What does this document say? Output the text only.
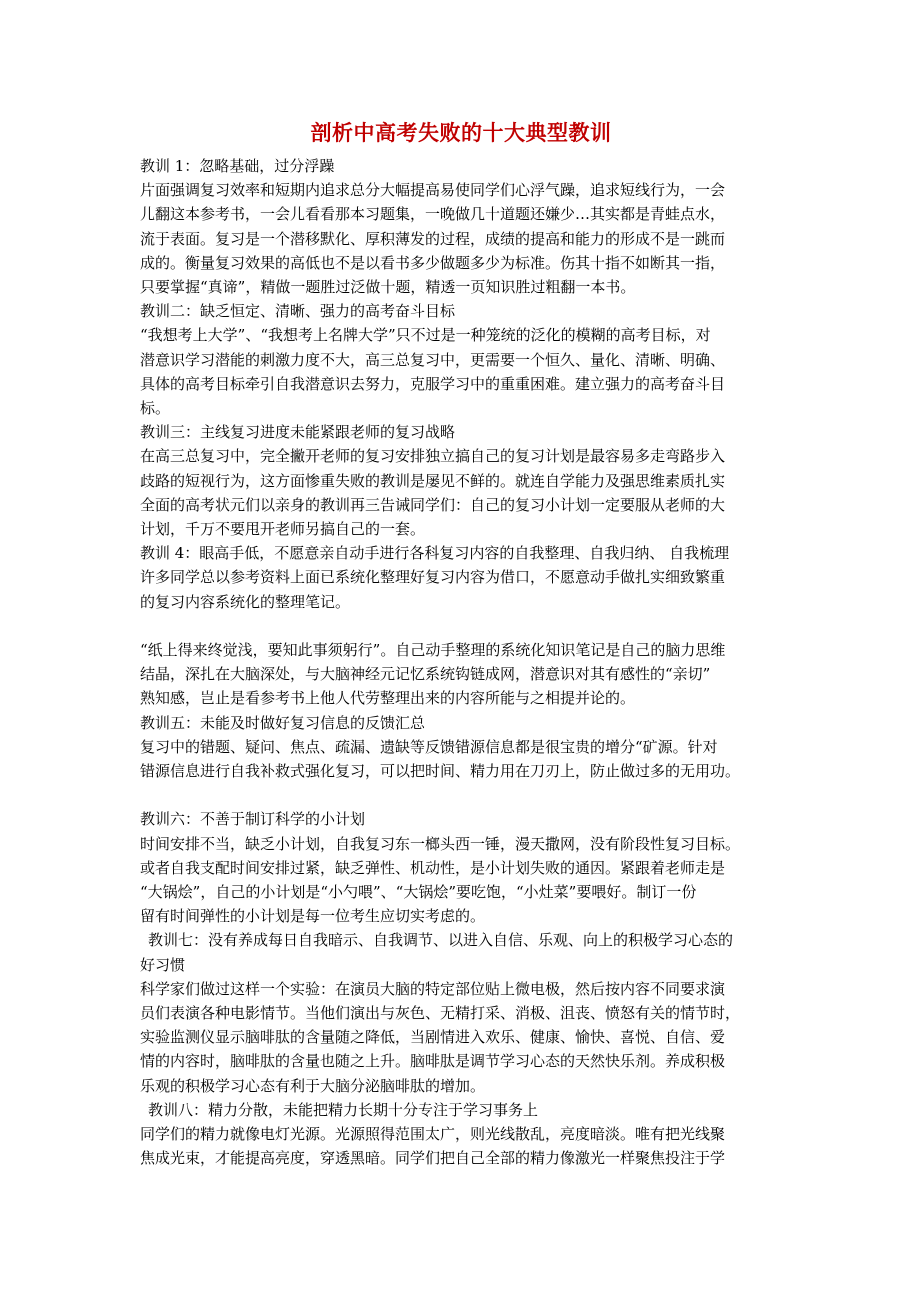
剖析中高考失败的十大典型教训

教训 1：忽略基础，过分浮躁

片面强调复习效率和短期内追求总分大幅提高易使同学们心浮气躁，追求短线行为，一会

儿翻这本参考书，一会儿看看那本习题集，一晚做几十道题还嫌少…其实都是青蛙点水，

流于表面。复习是一个潜移默化、厚积薄发的过程，成绩的提高和能力的形成不是一跳而

成的。衡量复习效果的高低也不是以看书多少做题多少为标准。伤其十指不如断其一指，

只要掌握“真谛”，精做一题胜过泛做十题，精透一页知识胜过粗翻一本书。

教训二：缺乏恒定、清晰、强力的高考奋斗目标

“我想考上大学”、“我想考上名牌大学”只不过是一种笼统的泛化的模糊的高考目标，对

潜意识学习潜能的刺激力度不大，高三总复习中，更需要一个恒久、量化、清晰、明确、

具体的高考目标牵引自我潜意识去努力，克服学习中的重重困难。建立强力的高考奋斗目

标。

教训三：主线复习进度未能紧跟老师的复习战略

在高三总复习中，完全撇开老师的复习安排独立搞自己的复习计划是最容易多走弯路步入

歧路的短视行为，这方面惨重失败的教训是屡见不鲜的。就连自学能力及强思维素质扎实

全面的高考状元们以亲身的教训再三告诫同学们：自己的复习小计划一定要服从老师的大

计划，千万不要甩开老师另搞自己的一套。

教训 4：眼高手低，不愿意亲自动手进行各科复习内容的自我整理、自我归纳、 自我梳理

许多同学总以参考资料上面已系统化整理好复习内容为借口，不愿意动手做扎实细致繁重

的复习内容系统化的整理笔记。

“纸上得来终觉浅，要知此事须躬行”。自己动手整理的系统化知识笔记是自己的脑力思维

结晶，深扎在大脑深处，与大脑神经元记忆系统钩链成网，潜意识对其有感性的“亲切”

熟知感，岂止是看参考书上他人代劳整理出来的内容所能与之相提并论的。

教训五：未能及时做好复习信息的反馈汇总

复习中的错题、疑问、焦点、疏漏、遗缺等反馈错源信息都是很宝贵的增分“矿源。针对

错源信息进行自我补救式强化复习，可以把时间、精力用在刀刃上，防止做过多的无用功。

教训六：不善于制订科学的小计划

时间安排不当，缺乏小计划，自我复习东一榔头西一锤，漫天撒网，没有阶段性复习目标。

或者自我支配时间安排过紧，缺乏弹性、机动性，是小计划失败的通因。紧跟着老师走是

“大锅烩”，自己的小计划是“小勺喂”、“大锅烩”要吃饱，“小灶菜”要喂好。制订一份

留有时间弹性的小计划是每一位考生应切实考虑的。

教训七：没有养成每日自我暗示、自我调节、以进入自信、乐观、向上的积极学习心态的

好习惯

科学家们做过这样一个实验：在演员大脑的特定部位贴上微电极，然后按内容不同要求演

员们表演各种电影情节。当他们演出与灰色、无精打采、消极、沮丧、愤怒有关的情节时，

实验监测仪显示脑啡肽的含量随之降低，当剧情进入欢乐、健康、愉快、喜悦、自信、爱

情的内容时，脑啡肽的含量也随之上升。脑啡肽是调节学习心态的天然快乐剂。养成积极

乐观的积极学习心态有利于大脑分泌脑啡肽的增加。

教训八：精力分散，未能把精力长期十分专注于学习事务上

同学们的精力就像电灯光源。光源照得范围太广，则光线散乱，亮度暗淡。唯有把光线聚

焦成光束，才能提高亮度，穿透黑暗。同学们把自己全部的精力像激光一样聚焦投注于学
